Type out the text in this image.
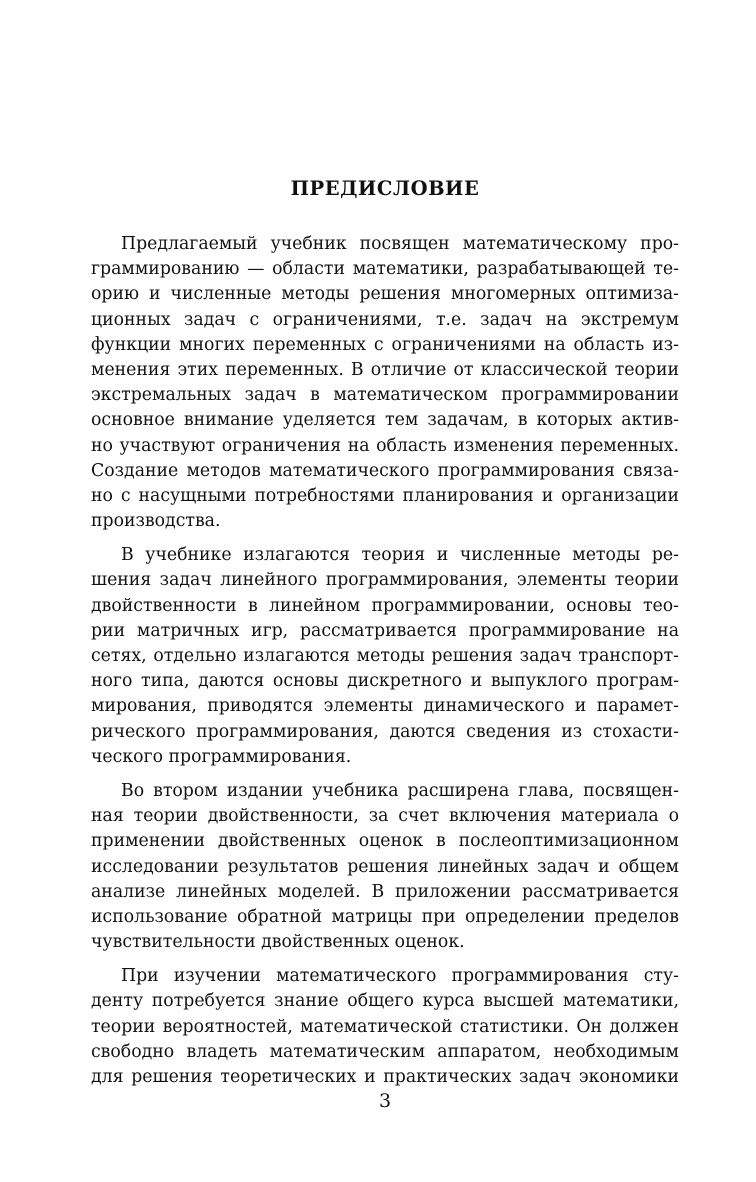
ПРЕДИСЛОВИЕ

Предлагаемый учебник посвящен математическому про-
граммированию — области математики, разрабатывающей те-
орию и численные методы решения многомерных оптимиза-
ционных задач с ограничениями, т.е. задач на экстремум
функции многих переменных с ограничениями на область из-
менения этих переменных. В отличие от классической теории
экстремальных задач в математическом программировании
основное внимание уделяется тем задачам, в которых актив-
но участвуют ограничения на область изменения переменных.
Создание методов математического программирования связа-
но с насущными потребностями планирования и организации
производства.

В учебнике излагаются теория и численные методы ре-
шения задач линейного программирования, элементы теории
двойственности в линейном программировании, основы тео-
рии матричных игр, рассматривается программирование на
сетях, отдельно излагаются методы решения задач транспорт-
ного типа, даются основы дискретного и выпуклого програм-
мирования, приводятся элементы динамического и парамет-
рического программирования, даются сведения из стохасти-
ческого программирования.

Во втором издании учебника расширена глава, посвящен-
ная теории двойственности, за счет включения материала о
применении двойственных оценок в послеоптимизационном
исследовании результатов решения линейных задач и общем
анализе линейных моделей. В приложении рассматривается
использование обратной матрицы при определении пределов
чувствительности двойственных оценок.

При изучении математического программирования сту-
денту потребуется знание общего курса высшей математики,
теории вероятностей, математической статистики. Он должен
свободно владеть математическим аппаратом, необходимым
для решения теоретических и практических задач экономики

3
